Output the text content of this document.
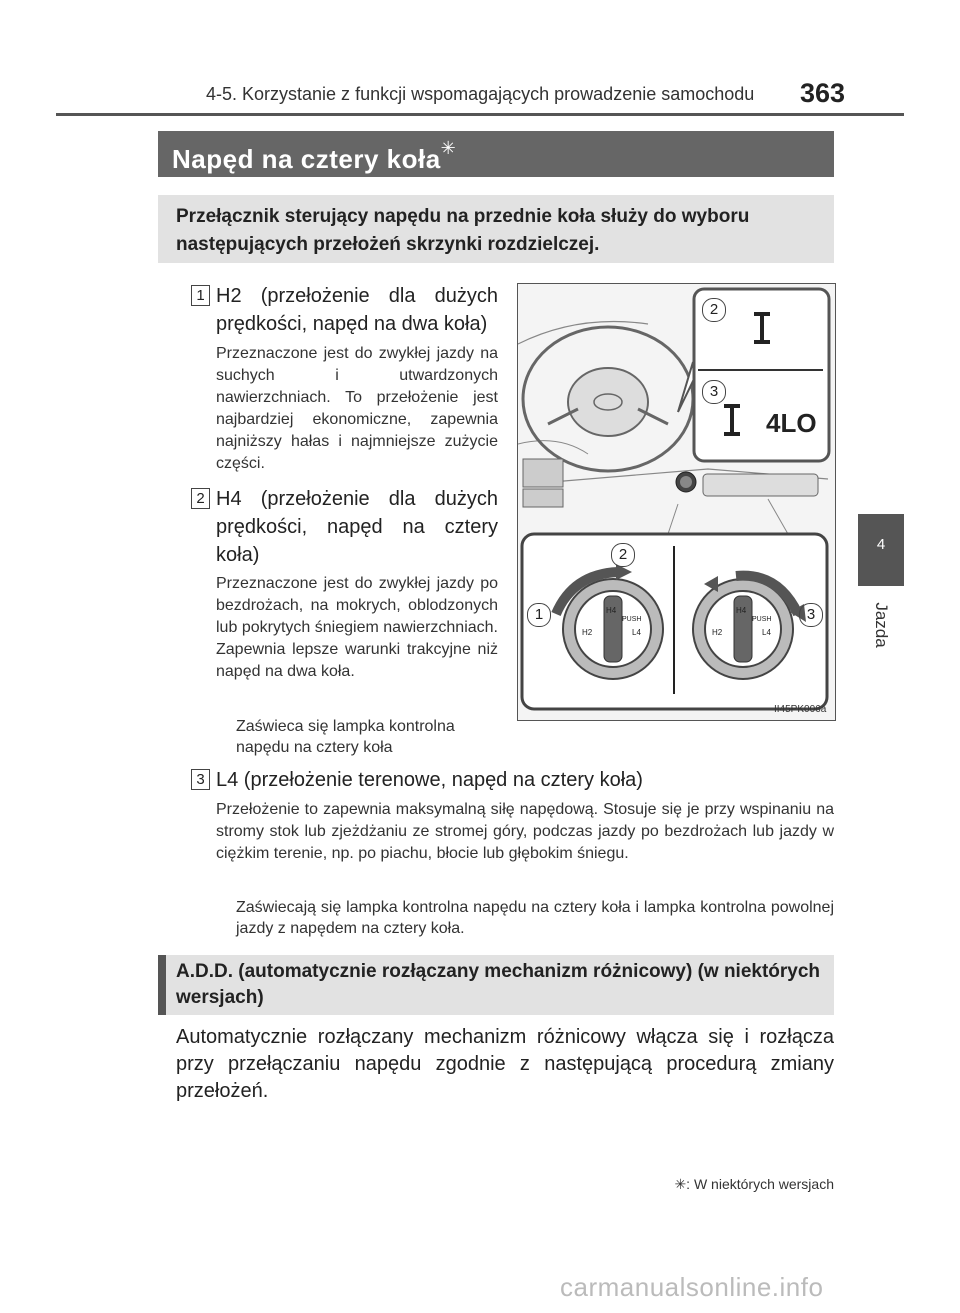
4-5. Korzystanie z funkcji wspomagających prowadzenie samochodu 363
4
Jazda
Napęd na cztery koła✳

Przełącznik sterujący napędu na przednie koła służy do wyboru następujących przełożeń skrzynki rozdzielczej.

1 H2 (przełożenie dla dużych prędkości, napęd na dwa koła)
Przeznaczone jest do zwykłej jazdy na suchych i utwardzonych nawierzchniach. To przełożenie jest najbardziej ekonomiczne, zapewnia najniższy hałas i najmniejsze zużycie części.
2 H4 (przełożenie dla dużych prędkości, napęd na cztery koła)
Przeznaczone jest do zwykłej jazdy po bezdrożach, na mokrych, oblodzonych lub pokrytych śniegiem nawierzchniach. Zapewnia lepsze warunki trakcyjne niż napęd na dwa koła.
Zaświeca się lampka kontrolna napędu na cztery koła
2
3
4LO
2
1	3
H4
H2	L4
H4
H2	L4
PUSH	PUSH
II45PK006a
3 L4 (przełożenie terenowe, napęd na cztery koła)
Przełożenie to zapewnia maksymalną siłę napędową. Stosuje się je przy wspinaniu na stromy stok lub zjeżdżaniu ze stromej góry, podczas jazdy po bezdrożach lub jazdy w ciężkim terenie, np. po piachu, błocie lub głębokim śniegu.
Zaświecają się lampka kontrolna napędu na cztery koła i lampka kontrolna powolnej jazdy z napędem na cztery koła.

A.D.D. (automatycznie rozłączany mechanizm różnicowy) (w niektórych wersjach)

Automatycznie rozłączany mechanizm różnicowy włącza się i rozłącza przy przełączaniu napędu zgodnie z następującą procedurą zmiany przełożeń.
✳: W niektórych wersjach
carmanualsonline.info
